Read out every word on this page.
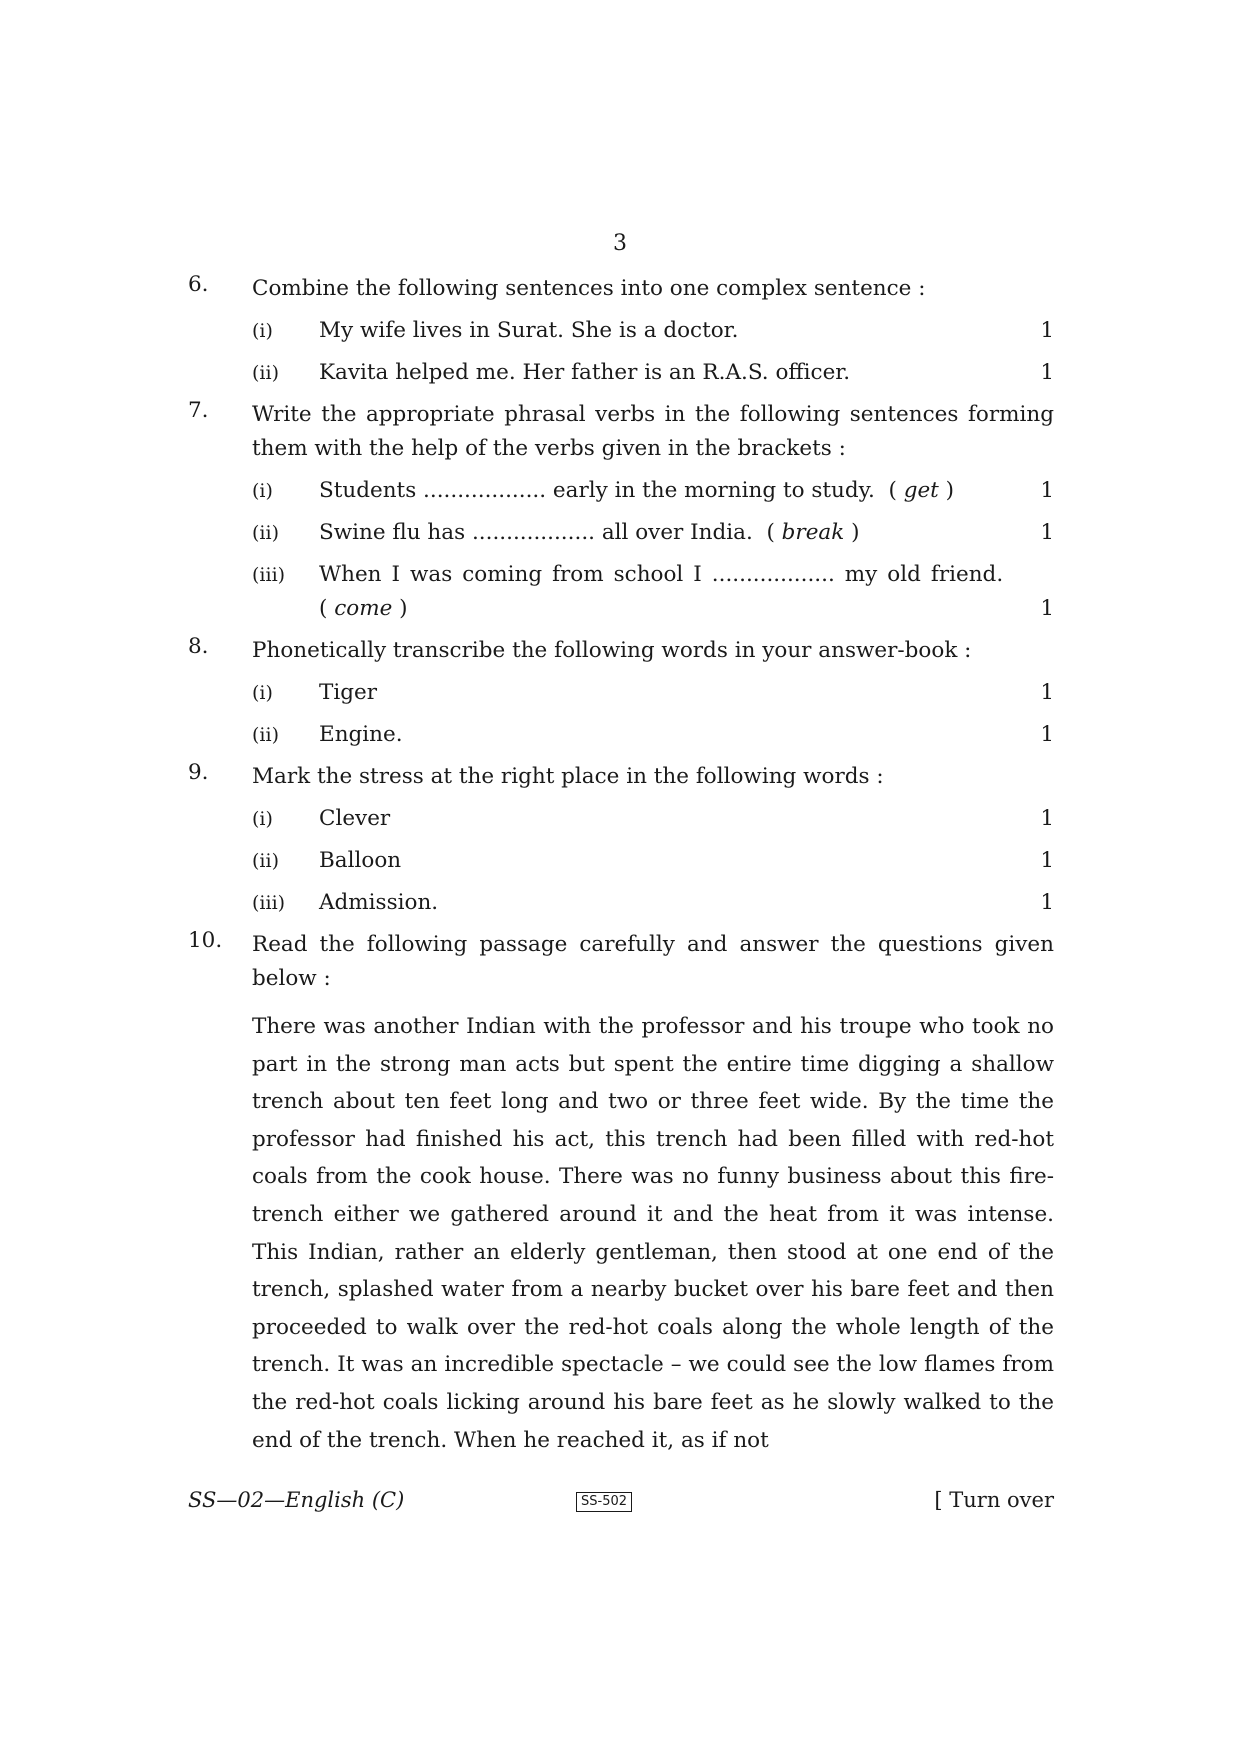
3
6. Combine the following sentences into one complex sentence :
(i) My wife lives in Surat. She is a doctor.	1
(ii) Kavita helped me. Her father is an R.A.S. officer.	1
7. Write the appropriate phrasal verbs in the following sentences forming them with the help of the verbs given in the brackets :
(i) Students .................. early in the morning to study.  ( get )	1
(ii) Swine flu has .................. all over India.  ( break )	1
(iii) When I was coming from school I .................. my old friend.  ( come )	1
8. Phonetically transcribe the following words in your answer-book :
(i) Tiger	1
(ii) Engine.	1
9. Mark the stress at the right place in the following words :
(i) Clever	1
(ii) Balloon	1
(iii) Admission.	1
10. Read the following passage carefully and answer the questions given below :
There was another Indian with the professor and his troupe who took no part in the strong man acts but spent the entire time digging a shallow trench about ten feet long and two or three feet wide. By the time the professor had finished his act, this trench had been filled with red-hot coals from the cook house. There was no funny business about this fire-trench either we gathered around it and the heat from it was intense. This Indian, rather an elderly gentleman, then stood at one end of the trench, splashed water from a nearby bucket over his bare feet and then proceeded to walk over the red-hot coals along the whole length of the trench. It was an incredible spectacle – we could see the low flames from the red-hot coals licking around his bare feet as he slowly walked to the end of the trench. When he reached it, as if not
SS—02—English (C)	SS-502	[ Turn over
